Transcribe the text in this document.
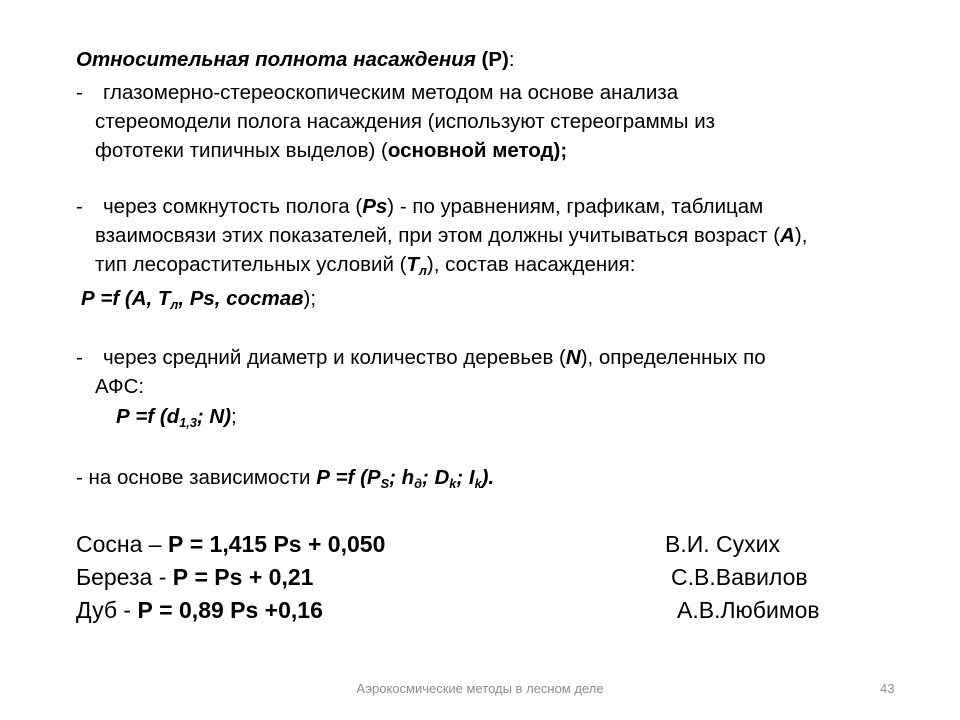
Относительная полнота насаждения (P):
- глазомерно-стереоскопическим методом на основе анализа
стереомодели полога насаждения (используют стереограммы из
фототеки типичных выделов) (основной метод);
- через сомкнутость полога (Ps) - по уравнениям, графикам, таблицам
взаимосвязи этих показателей, при этом должны учитываться возраст (А),
тип лесорастительных условий $(Т_л)$, состав насаждения:
Р =f (А, $Т_л$, Ps, состав);
- через средний диаметр и количество деревьев (N), определенных по
АФС:
Р =f ($d_{1,3}$; N);
- на основе зависимости Р =f ($P_S$; $h_д$; $D_k$; $I_k$).
Сосна – Р = 1,415 Рs + 0,050	В.И. Сухих
Береза - Р = Рs + 0,21	С.В.Вавилов
Дуб - Р = 0,89 Рs +0,16	А.В.Любимов
Аэрокосмические методы в лесном деле	43
